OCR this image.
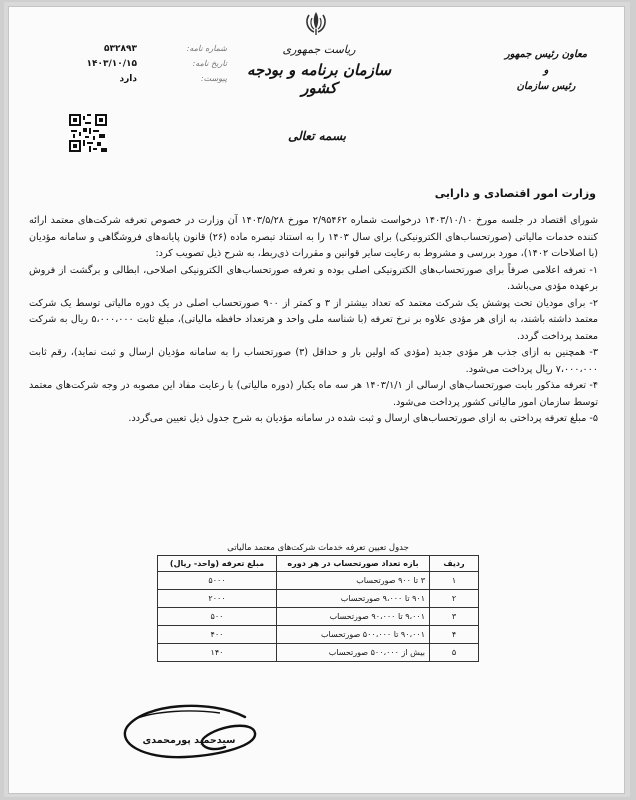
ریاست جمهوری
سازمان برنامه و بودجه کشور
معاون رئیس جمهور
و
رئیس سازمان
شماره نامه:
۵۳۲۸۹۳
تاریخ نامه:
۱۴۰۳/۱۰/۱۵
پیوست:
دارد
بسمه تعالی
وزارت امور اقتصادی و دارایی

شورای اقتصاد در جلسه مورخ ۱۴۰۳/۱۰/۱۰ درخواست شماره ۲/۹۵۴۶۲ مورخ ۱۴۰۳/۵/۲۸ آن وزارت در خصوص تعرفه شرکت‌های معتمد ارائه کننده خدمات مالیاتی (صورتحساب‌های الکترونیکی) برای سال ۱۴۰۳ را به استناد تبصره ماده (۲۶) قانون پایانه‌های فروشگاهی و سامانه مؤدیان (با اصلاحات ۱۴۰۲)، مورد بررسی و مشروط به رعایت سایر قوانین و مقررات ذی‌ربط، به شرح ذیل تصویب کرد:

۱- تعرفه اعلامی صرفاً برای صورتحساب‌های الکترونیکی اصلی بوده و تعرفه صورتحساب‌های الکترونیکی اصلاحی، ابطالی و برگشت از فروش برعهده مؤدی می‌باشد.

۲- برای مودیان تحت پوشش یک شرکت معتمد که تعداد بیشتر از ۳ و کمتر از ۹۰۰ صورتحساب اصلی در یک دوره مالیاتی توسط یک شرکت معتمد داشته باشند، به ازای هر مؤدی علاوه بر نرخ تعرفه (با شناسه ملی واحد و هرتعداد حافظه مالیاتی)، مبلغ ثابت ۵،۰۰۰،۰۰۰ ریال به شرکت معتمد پرداخت گردد.

۳- همچنین به ازای جذب هر مؤدی جدید (مؤدی که اولین بار و حداقل (۳) صورتحساب را به سامانه مؤدیان ارسال و ثبت نماید)، رقم ثابت ۷،۰۰۰،۰۰۰ ریال پرداخت می‌شود.

۴- تعرفه مذکور بابت صورتحساب‌های ارسالی از ۱۴۰۳/۱/۱ هر سه ماه یکبار (دوره مالیاتی) با رعایت مفاد این مصوبه در وجه شرکت‌های معتمد توسط سازمان امور مالیاتی کشور پرداخت می‌شود.

۵- مبلغ تعرفه پرداختی به ازای صورتحساب‌های ارسال و ثبت شده در سامانه مؤدیان به شرح جدول ذیل تعیین می‌گردد.

جدول تعیین تعرفه خدمات شرکت‌های معتمد مالیاتی
ردیف	بازه تعداد صورتحساب در هر دوره	مبلغ تعرفه (واحد- ریال)
۱	۳ تا ۹۰۰ صورتحساب	۵۰۰۰
۲	۹۰۱ تا ۹،۰۰۰ صورتحساب	۲۰۰۰
۳	۹،۰۰۱ تا ۹۰،۰۰۰ صورتحساب	۵۰۰
۴	۹۰،۰۰۱ تا ۵۰۰،۰۰۰ صورتحساب	۴۰۰
۵	بیش از ۵۰۰،۰۰۰ صورتحساب	۱۴۰
سیدحمید پورمحمدی
